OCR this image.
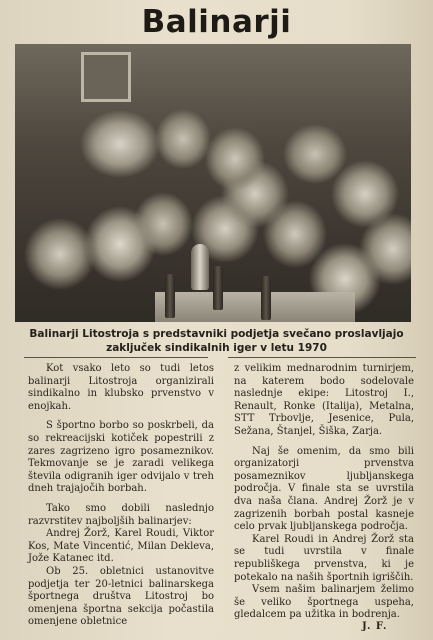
Balinarji
Balinarji Litostroja s predstavniki podjetja svečano proslavljajo
zaključek sindikalnih iger v letu 1970

Kot vsako leto so tudi letos balinarji Litostroja organizirali sindikalno in klubsko prvenstvo v enojkah.

S športno borbo so poskrbeli, da so rekreacijski kotiček popestrili z zares zagrizeno igro posameznikov. Tekmovanje se je zaradi velikega števila odigranih iger odvijalo v treh dneh trajajočih borbah.

Tako smo dobili naslednjo razvrstitev najboljših balinarjev:

Andrej Žorž, Karel Roudi, Viktor Kos, Mate Vincentić, Milan Dekleva, Jože Katanec itd.

Ob 25. obletnici ustanovitve podjetja ter 20-letnici balinarskega športnega društva Litostroj bo omenjena športna sekcija počastila omenjene obletnice

z velikim mednarodnim turnirjem, na katerem bodo sodelovale naslednje ekipe: Litostroj I., Renault, Ronke (Italija), Metalna, STT Trbovlje, Jesenice, Pula, Sežana, Štanjel, Šiška, Zarja.

Naj še omenim, da smo bili organizatorji prvenstva posameznikov ljubljanskega področja. V finale sta se uvrstila dva naša člana. Andrej Žorž je v zagrizenih borbah postal kasneje celo prvak ljubljanskega področja.

Karel Roudi in Andrej Žorž sta se tudi uvrstila v finale republiškega prvenstva, ki je potekalo na naših športnih igriščih.

Vsem našim balinarjem želimo še veliko športnega uspeha, gledalcem pa užitka in bodrenja.

J. F.
